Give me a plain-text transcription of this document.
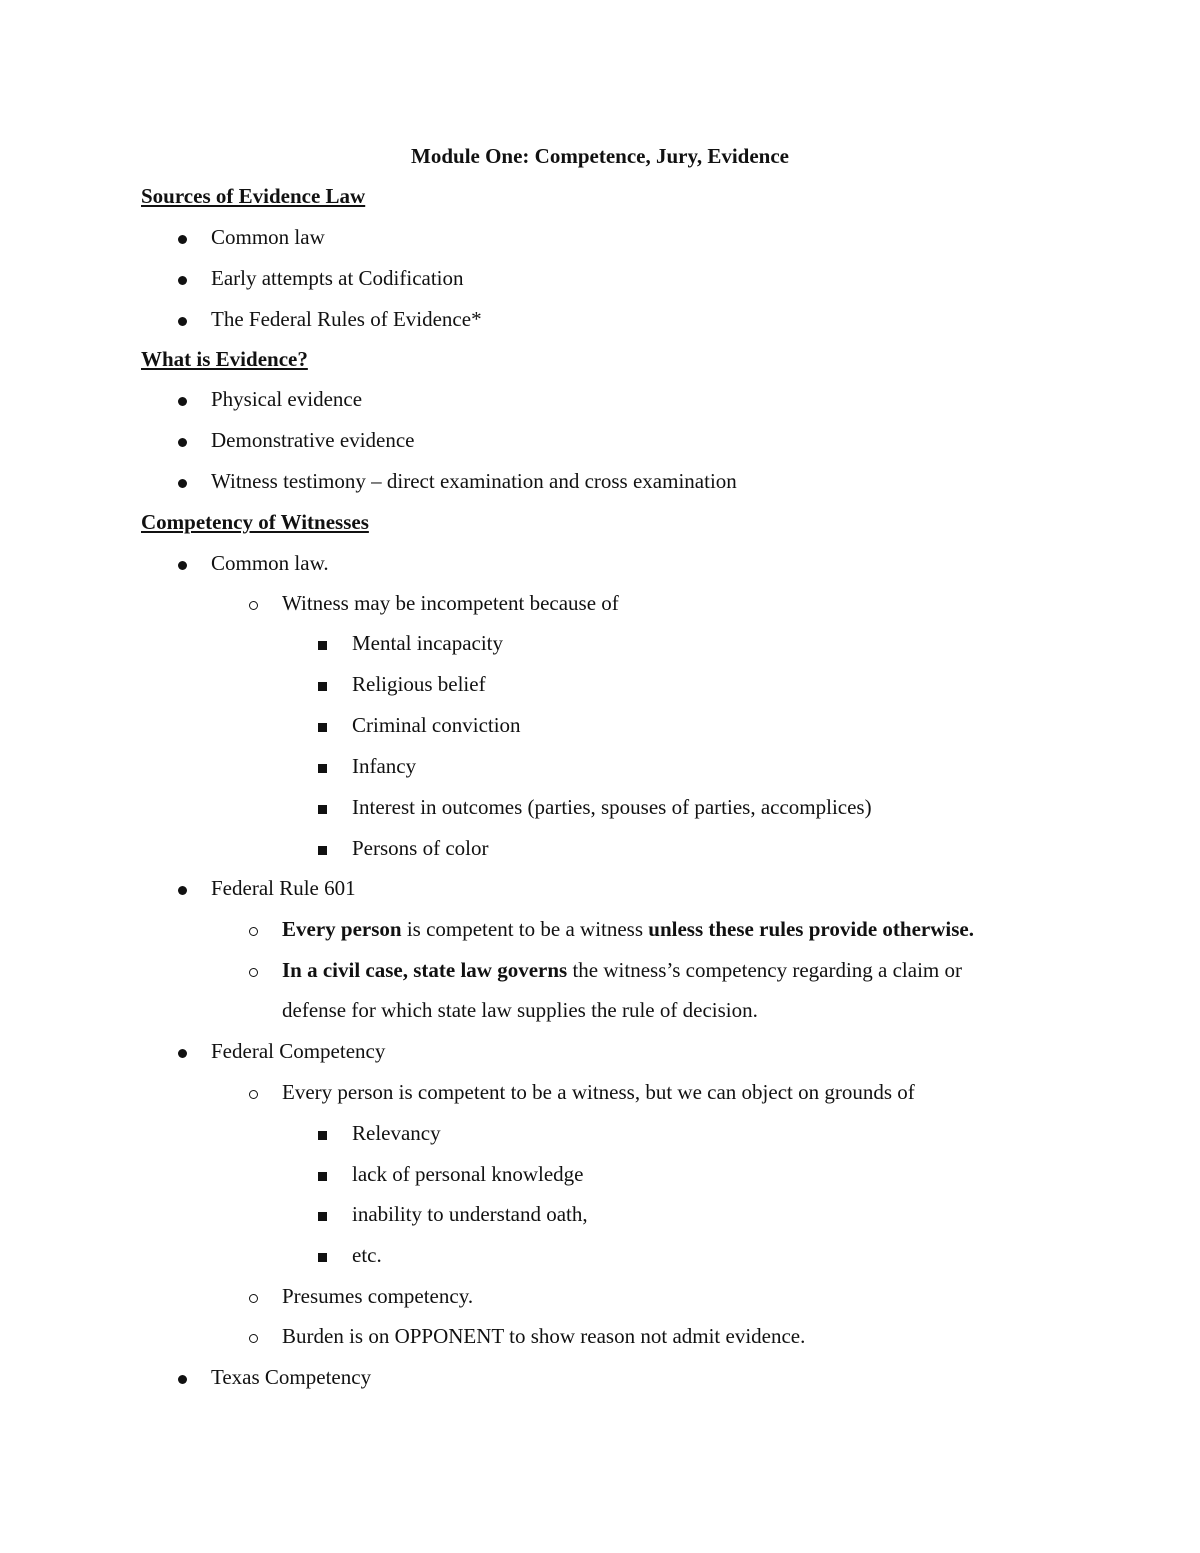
Module One: Competence, Jury, Evidence
Sources of Evidence Law
Common law
Early attempts at Codification
The Federal Rules of Evidence*
What is Evidence?
Physical evidence
Demonstrative evidence
Witness testimony – direct examination and cross examination
Competency of Witnesses
Common law.
Witness may be incompetent because of
Mental incapacity
Religious belief
Criminal conviction
Infancy
Interest in outcomes (parties, spouses of parties, accomplices)
Persons of color
Federal Rule 601
Every person is competent to be a witness unless these rules provide otherwise.
In a civil case, state law governs the witness’s competency regarding a claim or
defense for which state law supplies the rule of decision.
Federal Competency
Every person is competent to be a witness, but we can object on grounds of
Relevancy
lack of personal knowledge
inability to understand oath,
etc.
Presumes competency.
Burden is on OPPONENT to show reason not admit evidence.
Texas Competency
